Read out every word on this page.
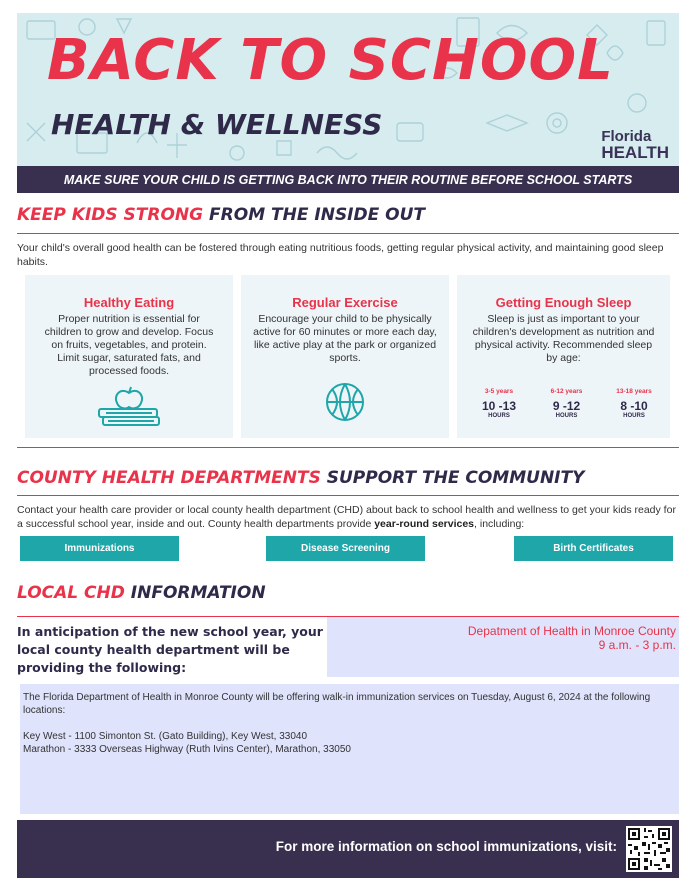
BACK TO SCHOOL
HEALTH & WELLNESS	Florida
HEALTH
MAKE SURE YOUR CHILD IS GETTING BACK INTO THEIR ROUTINE BEFORE SCHOOL STARTS
KEEP KIDS STRONG FROM THE INSIDE OUT
Your child's overall good health can be fostered through eating nutritious foods, getting regular physical activity, and maintaining good sleep habits.
Healthy Eating

Proper nutrition is essential for children to grow and develop. Focus on fruits, vegetables, and protein. Limit sugar, saturated fats, and processed foods.

Regular Exercise

Encourage your child to be physically active for 60 minutes or more each day, like active play at the park or organized sports.

Getting Enough Sleep

Sleep is just as important to your children's development as nutrition and physical activity. Recommended sleep by age:

3-5 years
10 -13
HOURS
6-12 years
9 -12
HOURS
13-18 years
8 -10
HOURS
COUNTY HEALTH DEPARTMENTS SUPPORT THE COMMUNITY
Contact your health care provider or local county health department (CHD) about back to school health and wellness to get your kids ready for a successful school year, inside and out. County health departments provide year-round services, including:
Immunizations	Disease Screening	Birth Certificates
LOCAL CHD INFORMATION
In anticipation of the new school year, your local county health department will be providing the following:
Depatment of Health in Monroe County
9 a.m. - 3 p.m.
The Florida Department of Health in Monroe County will be offering walk-in immunization services on Tuesday, August 6, 2024 at the following locations:
Key West - 1100 Simonton St. (Gato Building), Key West, 33040
Marathon - 3333 Overseas Highway (Ruth Ivins Center), Marathon, 33050
For more information on school immunizations, visit:
